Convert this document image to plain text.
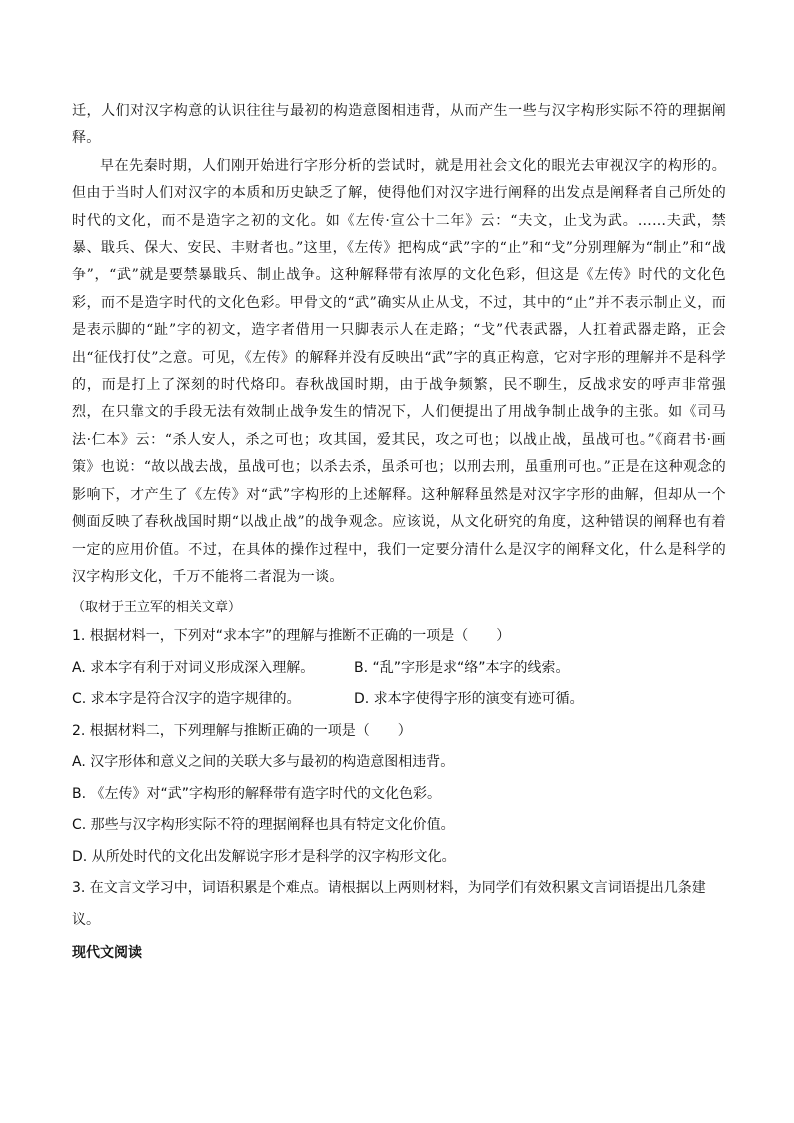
迁，人们对汉字构意的认识往往与最初的构造意图相违背，从而产生一些与汉字构形实际不符的理据阐释。

早在先秦时期，人们刚开始进行字形分析的尝试时，就是用社会文化的眼光去审视汉字的构形的。但由于当时人们对汉字的本质和历史缺乏了解，使得他们对汉字进行阐释的出发点是阐释者自己所处的时代的文化，而不是造字之初的文化。如《左传·宣公十二年》云：“夫文，止戈为武。……夫武，禁暴、戢兵、保大、安民、丰财者也。”这里，《左传》把构成“武”字的“止”和“戈”分别理解为“制止”和“战争”，“武”就是要禁暴戢兵、制止战争。这种解释带有浓厚的文化色彩，但这是《左传》时代的文化色彩，而不是造字时代的文化色彩。甲骨文的“武”确实从止从戈，不过，其中的“止”并不表示制止义，而是表示脚的“趾”字的初文，造字者借用一只脚表示人在走路；“戈”代表武器，人扛着武器走路，正会出“征伐打仗”之意。可见，《左传》的解释并没有反映出“武”字的真正构意，它对字形的理解并不是科学的，而是打上了深刻的时代烙印。春秋战国时期，由于战争频繁，民不聊生，反战求安的呼声非常强烈，在只靠文的手段无法有效制止战争发生的情况下，人们便提出了用战争制止战争的主张。如《司马法·仁本》云：“杀人安人，杀之可也；攻其国，爱其民，攻之可也；以战止战，虽战可也。”《商君书·画策》也说：“故以战去战，虽战可也；以杀去杀，虽杀可也；以刑去刑，虽重刑可也。”正是在这种观念的影响下，才产生了《左传》对“武”字构形的上述解释。这种解释虽然是对汉字字形的曲解，但却从一个侧面反映了春秋战国时期“以战止战”的战争观念。应该说，从文化研究的角度，这种错误的阐释也有着一定的应用价值。不过，在具体的操作过程中，我们一定要分清什么是汉字的阐释文化，什么是科学的汉字构形文化，千万不能将二者混为一谈。

（取材于王立军的相关文章）

1. 根据材料一，下列对“求本字”的理解与推断不正确的一项是（　　）

A. 求本字有利于对词义形成深入理解。	B. “乱”字形是求“络”本字的线索。
C. 求本字是符合汉字的造字规律的。	D. 求本字使得字形的演变有迹可循。

2. 根据材料二，下列理解与推断正确的一项是（　　）

A. 汉字形体和意义之间的关联大多与最初的构造意图相违背。

B. 《左传》对“武”字构形的解释带有造字时代的文化色彩。

C. 那些与汉字构形实际不符的理据阐释也具有特定文化价值。

D. 从所处时代的文化出发解说字形才是科学的汉字构形文化。

3. 在文言文学习中，词语积累是个难点。请根据以上两则材料，为同学们有效积累文言词语提出几条建议。

现代文阅读
